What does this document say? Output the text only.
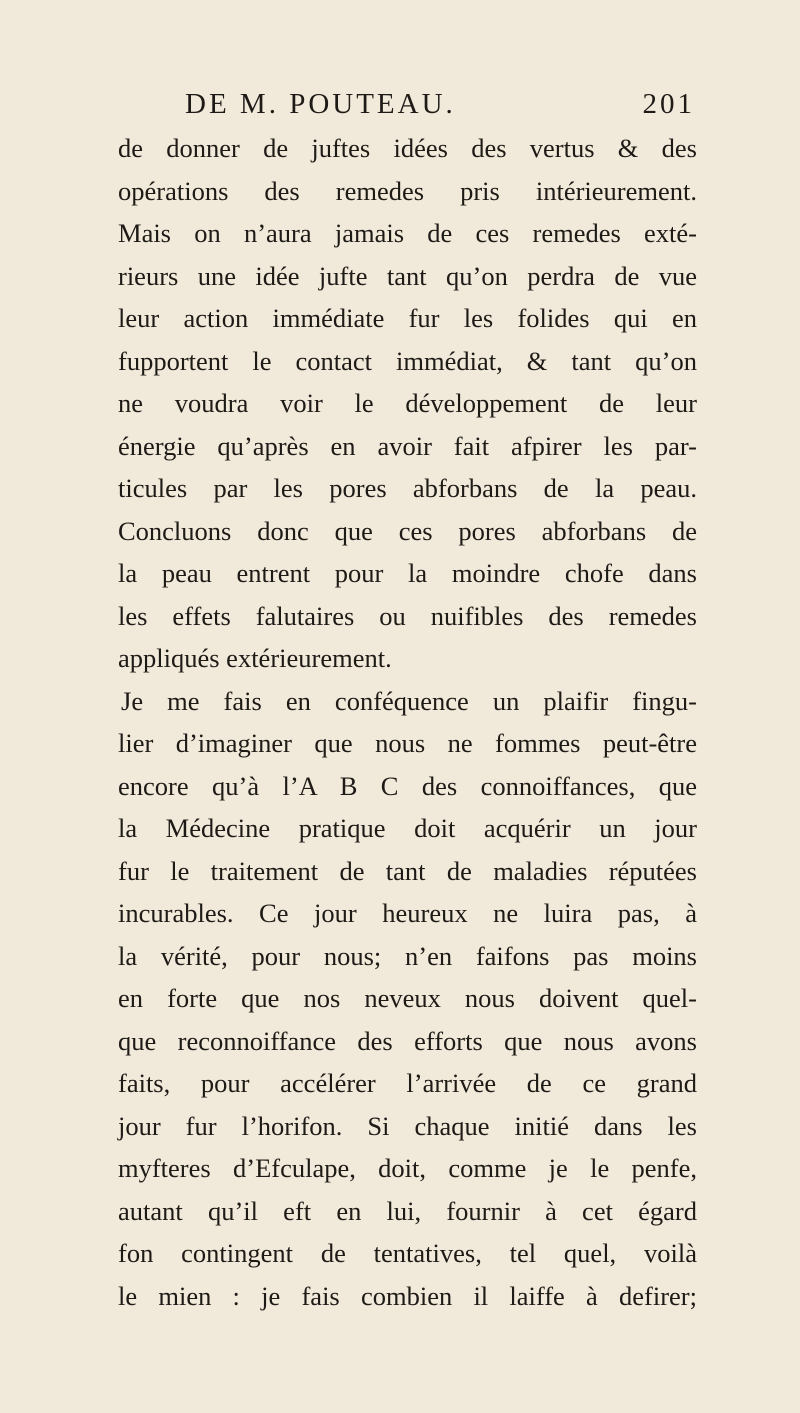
DE M. POUTEAU.	201
de donner de juftes idées des vertus & des
opérations des remedes pris intérieurement.
Mais on n’aura jamais de ces remedes exté-
rieurs une idée jufte tant qu’on perdra de vue
leur action immédiate fur les folides qui en
fupportent le contact immédiat, & tant qu’on
ne voudra voir le développement de leur
énergie qu’après en avoir fait afpirer les par-
ticules par les pores abforbans de la peau.
Concluons donc que ces pores abforbans de
la peau entrent pour la moindre chofe dans
les effets falutaires ou nuifibles des remedes
appliqués extérieurement.
Je me fais en conféquence un plaifir fingu-
lier d’imaginer que nous ne fommes peut-être
encore qu’à l’A B C des connoiffances, que
la Médecine pratique doit acquérir un jour
fur le traitement de tant de maladies réputées
incurables. Ce jour heureux ne luira pas, à
la vérité, pour nous; n’en faifons pas moins
en forte que nos neveux nous doivent quel-
que reconnoiffance des efforts que nous avons
faits, pour accélérer l’arrivée de ce grand
jour fur l’horifon. Si chaque initié dans les
myfteres d’Efculape, doit, comme je le penfe,
autant qu’il eft en lui, fournir à cet égard
fon contingent de tentatives, tel quel, voilà
le mien : je fais combien il laiffe à defirer;
